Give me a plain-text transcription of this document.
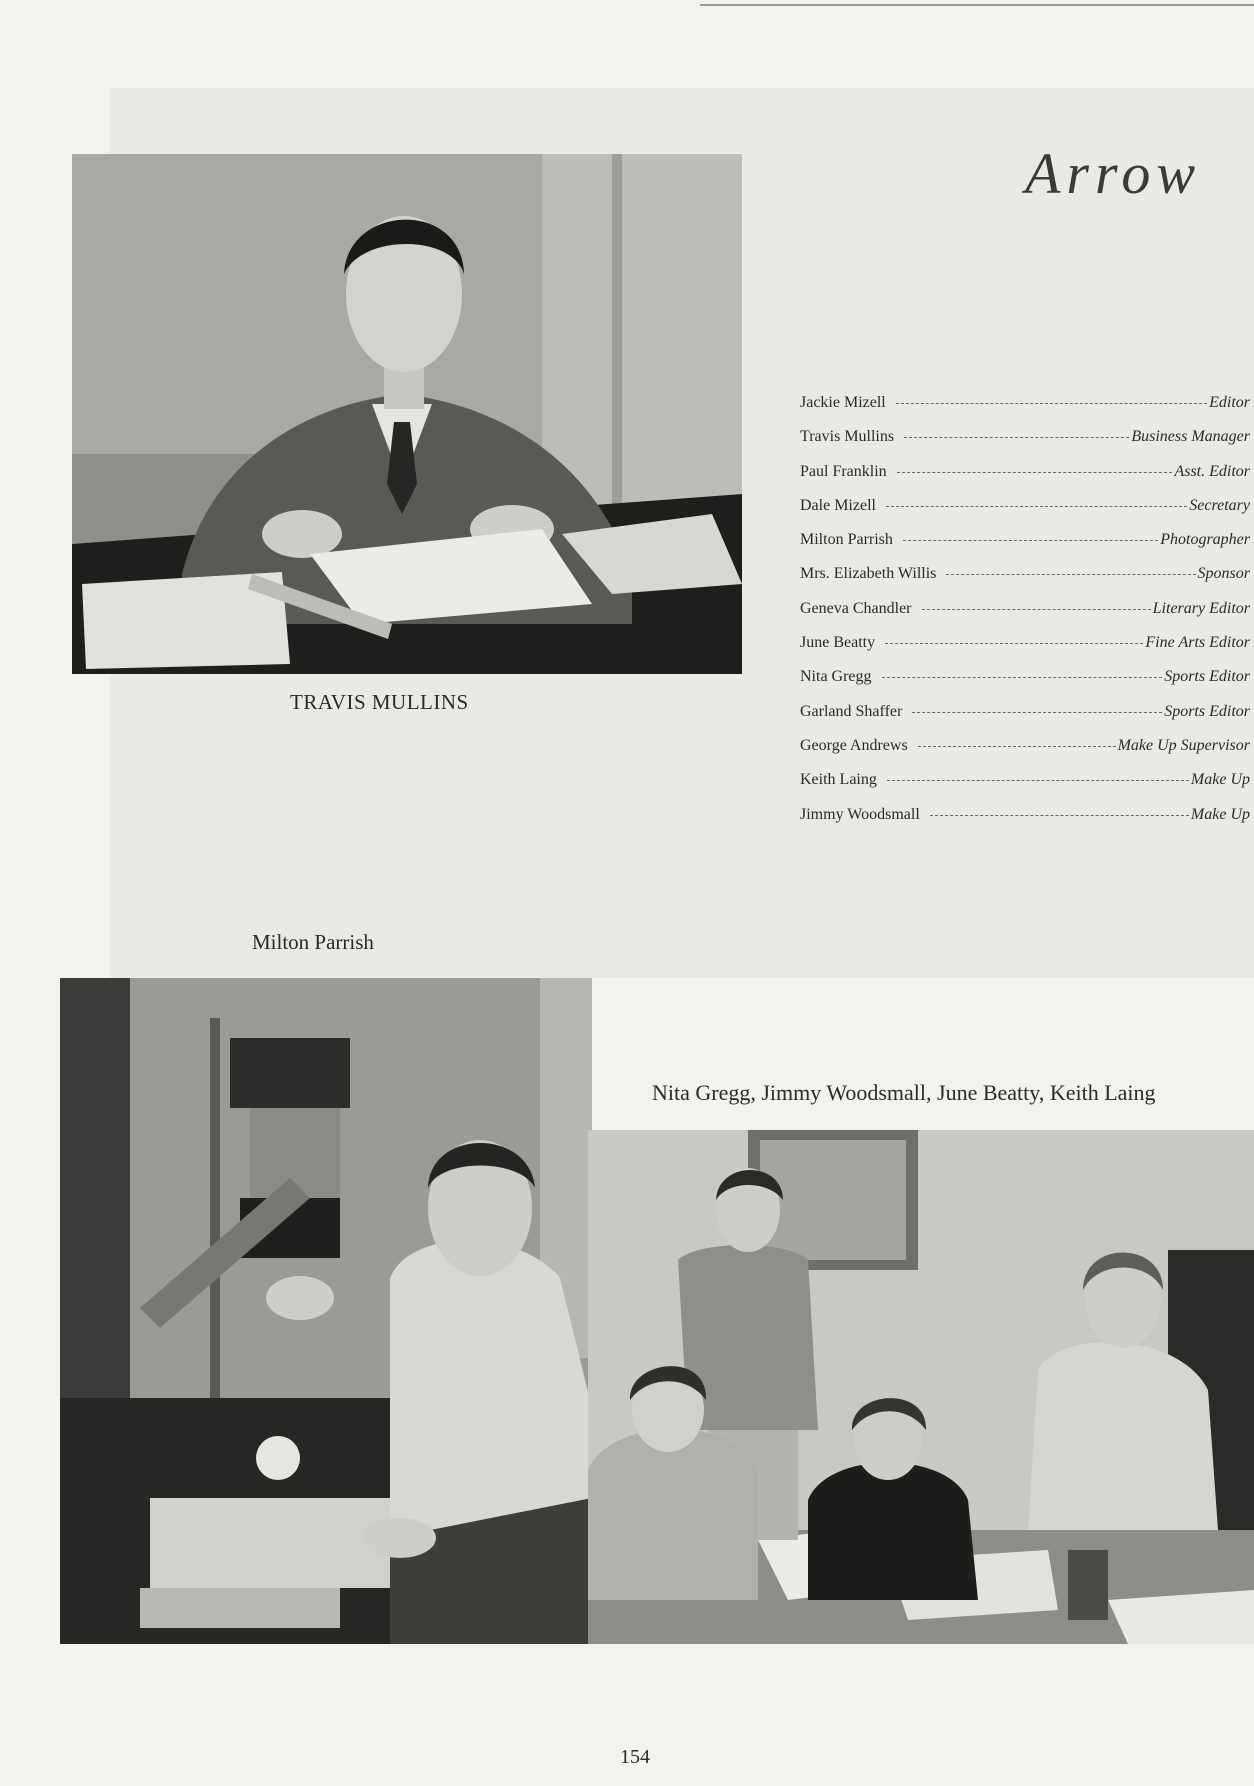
TRAVIS MULLINS
Arrow
Jackie Mizell	Editor
Travis Mullins	Business Manager
Paul Franklin	Asst. Editor
Dale Mizell	Secretary
Milton Parrish	Photographer
Mrs. Elizabeth Willis	Sponsor
Geneva Chandler	Literary Editor
June Beatty	Fine Arts Editor
Nita Gregg	Sports Editor
Garland Shaffer	Sports Editor
George Andrews	Make Up Supervisor
Keith Laing	Make Up
Jimmy Woodsmall	Make Up
Milton Parrish
Nita Gregg, Jimmy Woodsmall, June Beatty, Keith Laing
154
